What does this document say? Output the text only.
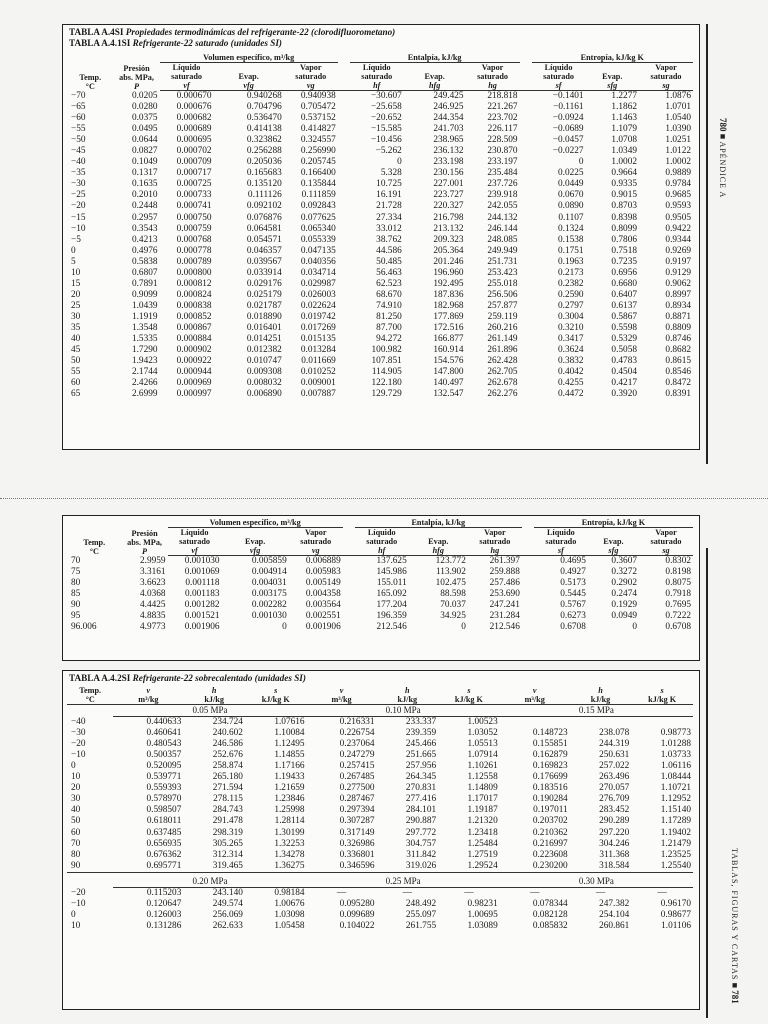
780 ■ APÉNDICE A
TABLAS, FIGURAS Y CARTAS ■ 781
TABLA A.4SI Propiedades termodinámicas del refrigerante-22 (clorodifluorometano)
TABLA A.4.1SI Refrigerante-22 saturado (unidades SI)
Temp.
°C	Presión abs. MPa,
P	Volumen específico, m³/kg				Entalpía, kJ/kg				Entropía, kJ/kg K		
		Líquido saturado	Evap.	Vapor saturado		Líquido saturado	Evap.	Vapor saturado		Líquido saturado	Evap.	Vapor saturado
		vf	vfg	vg		hf	hfg	hg		sf	sfg	sg
−70	0.0205	0.000670	0.940268	0.940938		−30.607	249.425	218.818		−0.1401	1.2277	1.0876
−65	0.0280	0.000676	0.704796	0.705472		−25.658	246.925	221.267		−0.1161	1.1862	1.0701
−60	0.0375	0.000682	0.536470	0.537152		−20.652	244.354	223.702		−0.0924	1.1463	1.0540
−55	0.0495	0.000689	0.414138	0.414827		−15.585	241.703	226.117		−0.0689	1.1079	1.0390
−50	0.0644	0.000695	0.323862	0.324557		−10.456	238.965	228.509		−0.0457	1.0708	1.0251
−45	0.0827	0.000702	0.256288	0.256990		−5.262	236.132	230.870		−0.0227	1.0349	1.0122
−40	0.1049	0.000709	0.205036	0.205745		0	233.198	233.197		0	1.0002	1.0002
−35	0.1317	0.000717	0.165683	0.166400		5.328	230.156	235.484		0.0225	0.9664	0.9889
−30	0.1635	0.000725	0.135120	0.135844		10.725	227.001	237.726		0.0449	0.9335	0.9784
−25	0.2010	0.000733	0.111126	0.111859		16.191	223.727	239.918		0.0670	0.9015	0.9685
−20	0.2448	0.000741	0.092102	0.092843		21.728	220.327	242.055		0.0890	0.8703	0.9593
−15	0.2957	0.000750	0.076876	0.077625		27.334	216.798	244.132		0.1107	0.8398	0.9505
−10	0.3543	0.000759	0.064581	0.065340		33.012	213.132	246.144		0.1324	0.8099	0.9422
−5	0.4213	0.000768	0.054571	0.055339		38.762	209.323	248.085		0.1538	0.7806	0.9344
0	0.4976	0.000778	0.046357	0.047135		44.586	205.364	249.949		0.1751	0.7518	0.9269
5	0.5838	0.000789	0.039567	0.040356		50.485	201.246	251.731		0.1963	0.7235	0.9197
10	0.6807	0.000800	0.033914	0.034714		56.463	196.960	253.423		0.2173	0.6956	0.9129
15	0.7891	0.000812	0.029176	0.029987		62.523	192.495	255.018		0.2382	0.6680	0.9062
20	0.9099	0.000824	0.025179	0.026003		68.670	187.836	256.506		0.2590	0.6407	0.8997
25	1.0439	0.000838	0.021787	0.022624		74.910	182.968	257.877		0.2797	0.6137	0.8934
30	1.1919	0.000852	0.018890	0.019742		81.250	177.869	259.119		0.3004	0.5867	0.8871
35	1.3548	0.000867	0.016401	0.017269		87.700	172.516	260.216		0.3210	0.5598	0.8809
40	1.5335	0.000884	0.014251	0.015135		94.272	166.877	261.149		0.3417	0.5329	0.8746
45	1.7290	0.000902	0.012382	0.013284		100.982	160.914	261.896		0.3624	0.5058	0.8682
50	1.9423	0.000922	0.010747	0.011669		107.851	154.576	262.428		0.3832	0.4783	0.8615
55	2.1744	0.000944	0.009308	0.010252		114.905	147.800	262.705		0.4042	0.4504	0.8546
60	2.4266	0.000969	0.008032	0.009001		122.180	140.497	262.678		0.4255	0.4217	0.8472
65	2.6999	0.000997	0.006890	0.007887		129.729	132.547	262.276		0.4472	0.3920	0.8391
Temp.
°C	Presión abs. MPa,
P	Volumen específico, m³/kg				Entalpía, kJ/kg				Entropía, kJ/kg K		
		Líquido saturado	Evap.	Vapor saturado		Líquido saturado	Evap.	Vapor saturado		Líquido saturado	Evap.	Vapor saturado
		vf	vfg	vg		hf	hfg	hg		sf	sfg	sg
70	2.9959	0.001030	0.005859	0.006889		137.625	123.772	261.397		0.4695	0.3607	0.8302
75	3.3161	0.001069	0.004914	0.005983		145.986	113.902	259.888		0.4927	0.3272	0.8198
80	3.6623	0.001118	0.004031	0.005149		155.011	102.475	257.486		0.5173	0.2902	0.8075
85	4.0368	0.001183	0.003175	0.004358		165.092	88.598	253.690		0.5445	0.2474	0.7918
90	4.4425	0.001282	0.002282	0.003564		177.204	70.037	247.241		0.5767	0.1929	0.7695
95	4.8835	0.001521	0.001030	0.002551		196.359	34.925	231.284		0.6273	0.0949	0.7222
96.006	4.9773	0.001906	0	0.001906		212.546	0	212.546		0.6708	0	0.6708
TABLA A.4.2SI Refrigerante-22 sobrecalentado (unidades SI)
Temp.
°C	v
m³/kg	h
kJ/kg	s
kJ/kg K	v
m³/kg	h
kJ/kg	s
kJ/kg K	v
m³/kg	h
kJ/kg	s
kJ/kg K
	0.05 MPa			0.10 MPa			0.15 MPa		
−40	0.440633	234.724	1.07616	0.216331	233.337	1.00523			
−30	0.460641	240.602	1.10084	0.226754	239.359	1.03052	0.148723	238.078	0.98773
−20	0.480543	246.586	1.12495	0.237064	245.466	1.05513	0.155851	244.319	1.01288
−10	0.500357	252.676	1.14855	0.247279	251.665	1.07914	0.162879	250.631	1.03733
0	0.520095	258.874	1.17166	0.257415	257.956	1.10261	0.169823	257.022	1.06116
10	0.539771	265.180	1.19433	0.267485	264.345	1.12558	0.176699	263.496	1.08444
20	0.559393	271.594	1.21659	0.277500	270.831	1.14809	0.183516	270.057	1.10721
30	0.578970	278.115	1.23846	0.287467	277.416	1.17017	0.190284	276.709	1.12952
40	0.598507	284.743	1.25998	0.297394	284.101	1.19187	0.197011	283.452	1.15140
50	0.618011	291.478	1.28114	0.307287	290.887	1.21320	0.203702	290.289	1.17289
60	0.637485	298.319	1.30199	0.317149	297.772	1.23418	0.210362	297.220	1.19402
70	0.656935	305.265	1.32253	0.326986	304.757	1.25484	0.216997	304.246	1.21479
80	0.676362	312.314	1.34278	0.336801	311.842	1.27519	0.223608	311.368	1.23525
90	0.695771	319.465	1.36275	0.346596	319.026	1.29524	0.230200	318.584	1.25540

	0.20 MPa			0.25 MPa			0.30 MPa		
−20	0.115203	243.140	0.98184	—	—	—	—	—	—
−10	0.120647	249.574	1.00676	0.095280	248.492	0.98231	0.078344	247.382	0.96170
0	0.126003	256.069	1.03098	0.099689	255.097	1.00695	0.082128	254.104	0.98677
10	0.131286	262.633	1.05458	0.104022	261.755	1.03089	0.085832	260.861	1.01106
